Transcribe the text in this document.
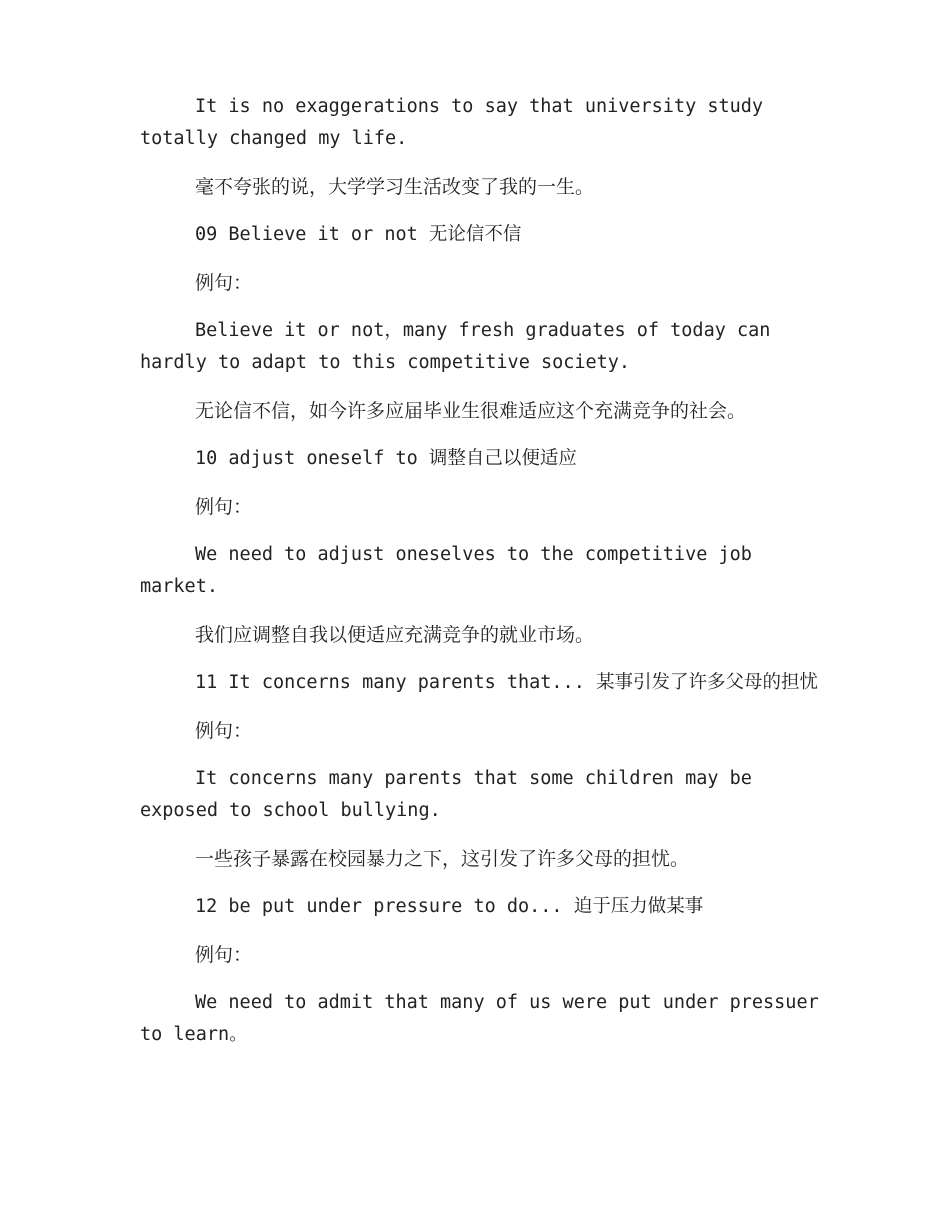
It is no exaggerations to say that university study totally changed my life.

毫不夸张的说，大学学习生活改变了我的一生。

09 Believe it or not 无论信不信

例句：

Believe it or not，many fresh graduates of today can hardly to adapt to this competitive society.

无论信不信，如今许多应届毕业生很难适应这个充满竞争的社会。

10 adjust oneself to 调整自己以便适应

例句：

We need to adjust oneselves to the competitive job market.

我们应调整自我以便适应充满竞争的就业市场。

11 It concerns many parents that... 某事引发了许多父母的担忧

例句：

It concerns many parents that some children may be exposed to school bullying.

一些孩子暴露在校园暴力之下，这引发了许多父母的担忧。

12 be put under pressure to do... 迫于压力做某事

例句：

We need to admit that many of us were put under pressuer to learn。
